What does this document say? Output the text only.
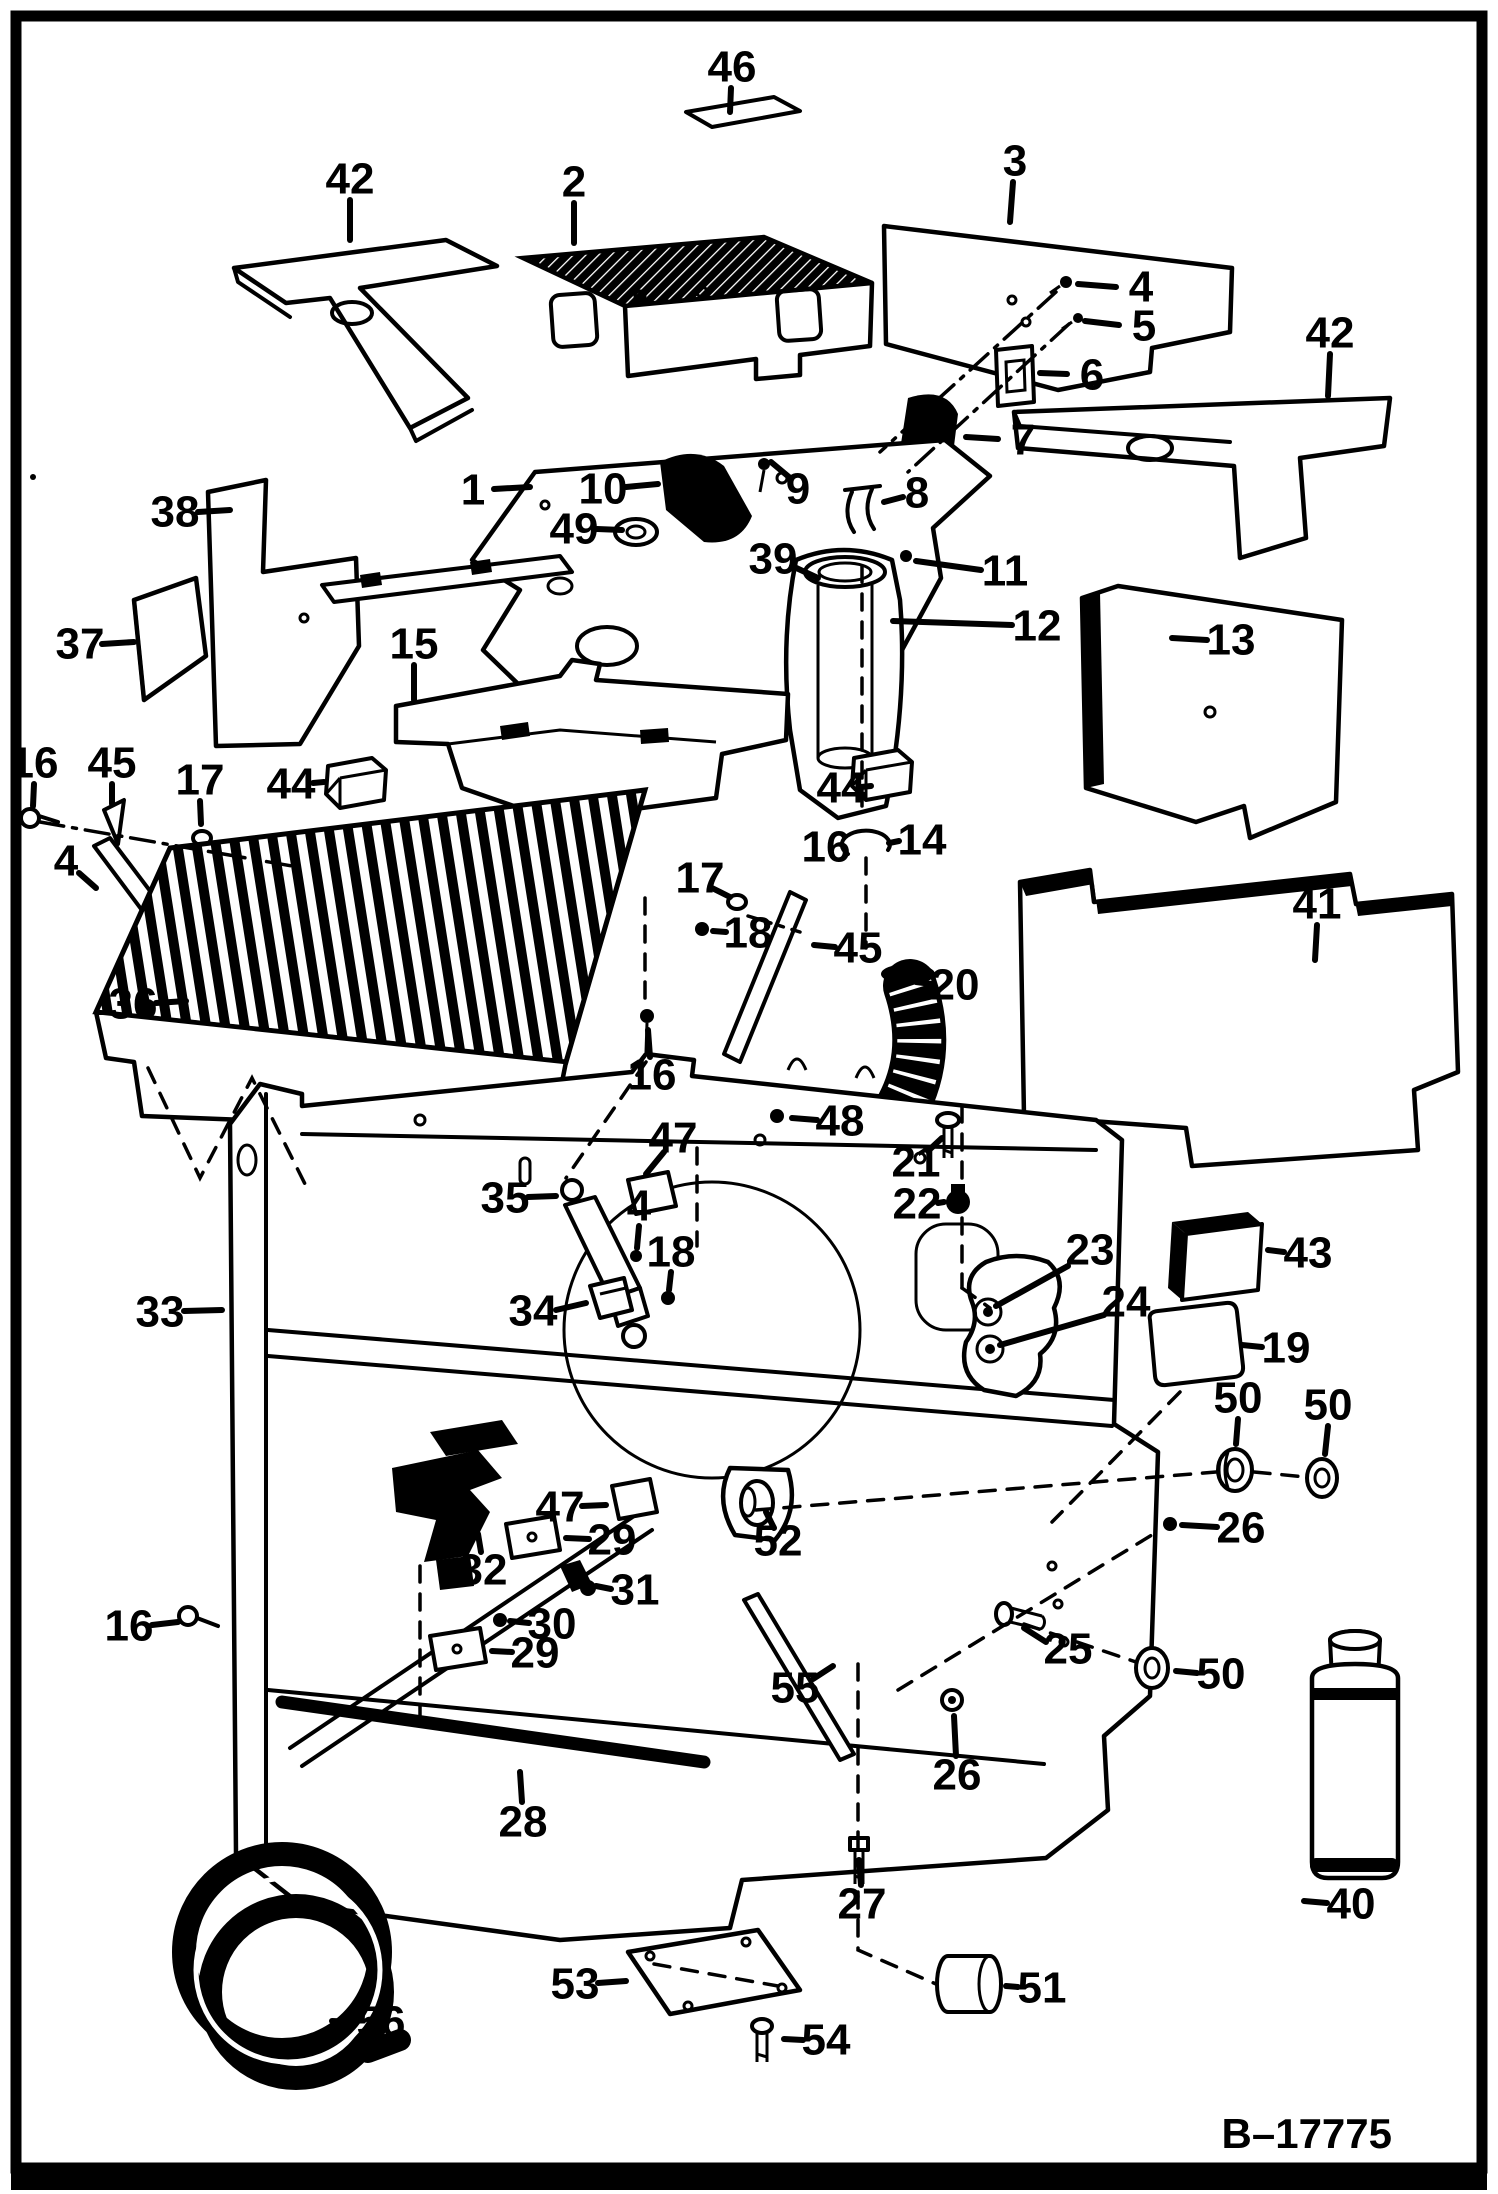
46
42	2	3
4
5
6
7
42
9 8
1 10
49
38
39	11
12	13
37	15
16 45 17 44	44
16 14
41
4	17
18 45
20
36
16
47	48
35 4
21
22
18
33	34
23
24
43
19
50 50
26
52
47
29
32 31
30
29
16
55
25
50
28
26
27
51
54
40
53
56
B–17775
